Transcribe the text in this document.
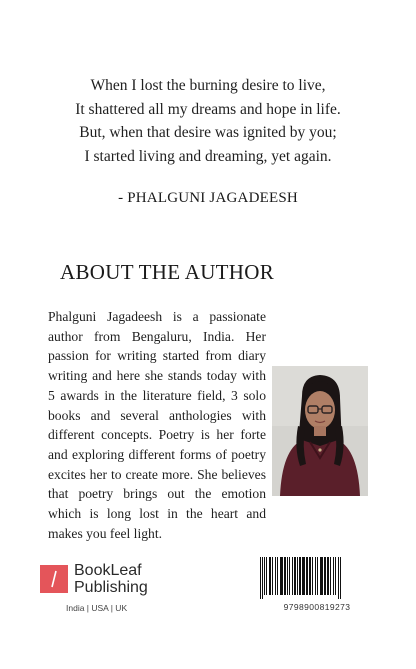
When I lost the burning desire to live,
It shattered all my dreams and hope in life.
But, when that desire was ignited by you;
I started living and dreaming, yet again.
- PHALGUNI JAGADEESH
ABOUT THE AUTHOR
Phalguni Jagadeesh is a passionate author from Bengaluru, India. Her passion for writing started from diary writing and here she stands today with 5 awards in the literature field, 3 solo books and several anthologies with different concepts. Poetry is her forte and exploring different forms of poetry excites her to create more. She believes that poetry brings out the emotion which is long lost in the heart and makes you feel light.
BookLeaf
Publishing
India | USA | UK	9798900819273
